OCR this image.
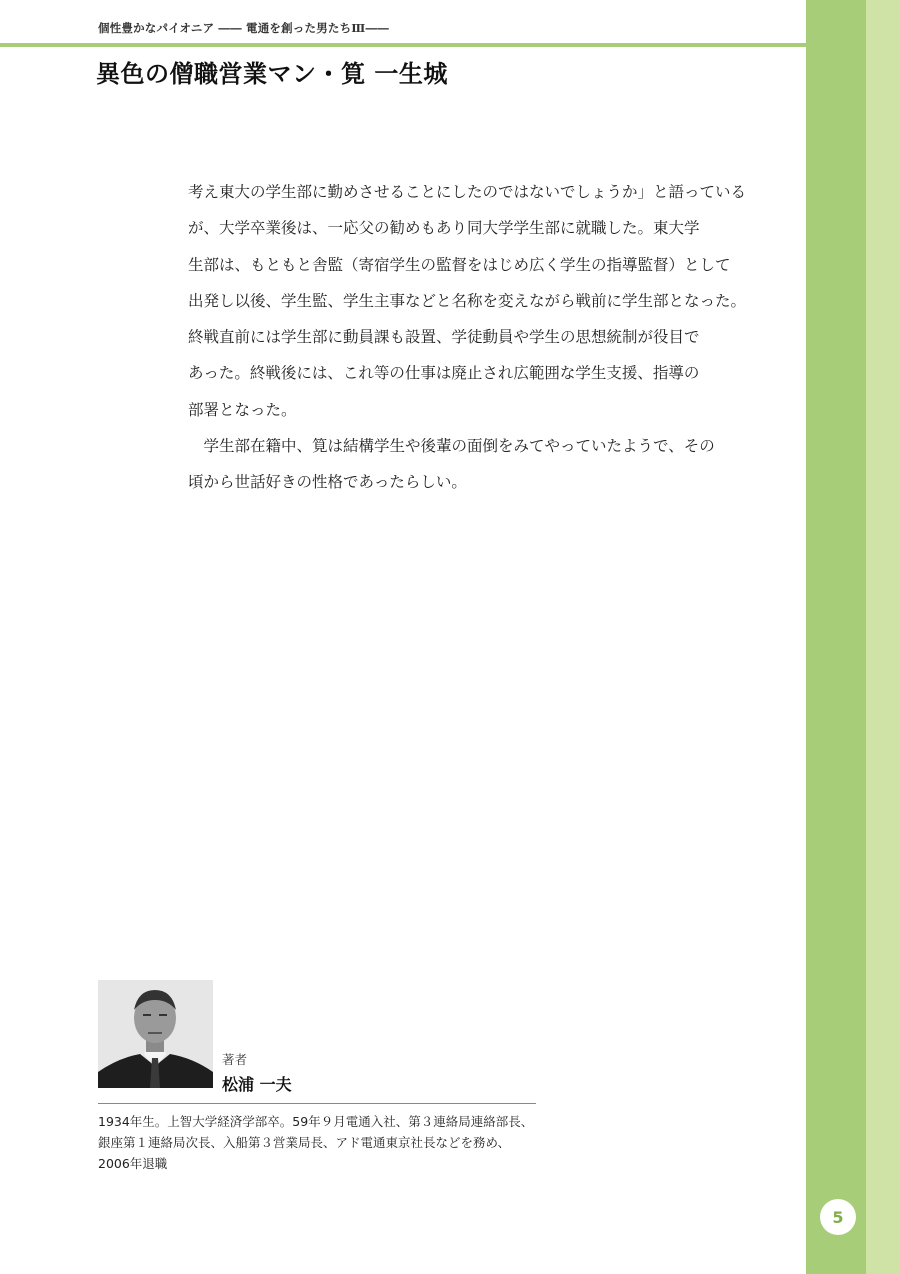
個性豊かなパイオニア ―― 電通を創った男たちⅢ――
異色の僧職営業マン・筧 一生城

考え東大の学生部に勤めさせることにしたのではないでしょうか」と語っている

が、大学卒業後は、一応父の勧めもあり同大学学生部に就職した。東大学

生部は、もともと舎監（寄宿学生の監督をはじめ広く学生の指導監督）として

出発し以後、学生監、学生主事などと名称を変えながら戦前に学生部となった。

終戦直前には学生部に動員課も設置、学徒動員や学生の思想統制が役目で

あった。終戦後には、これ等の仕事は廃止され広範囲な学生支援、指導の

部署となった。

　学生部在籍中、筧は結構学生や後輩の面倒をみてやっていたようで、その

頃から世話好きの性格であったらしい。

著者
松浦 一夫

1934年生。上智大学経済学部卒。59年９月電通入社、第３連絡局連絡部長、

銀座第１連絡局次長、入船第３営業局長、アド電通東京社長などを務め、

2006年退職

5
